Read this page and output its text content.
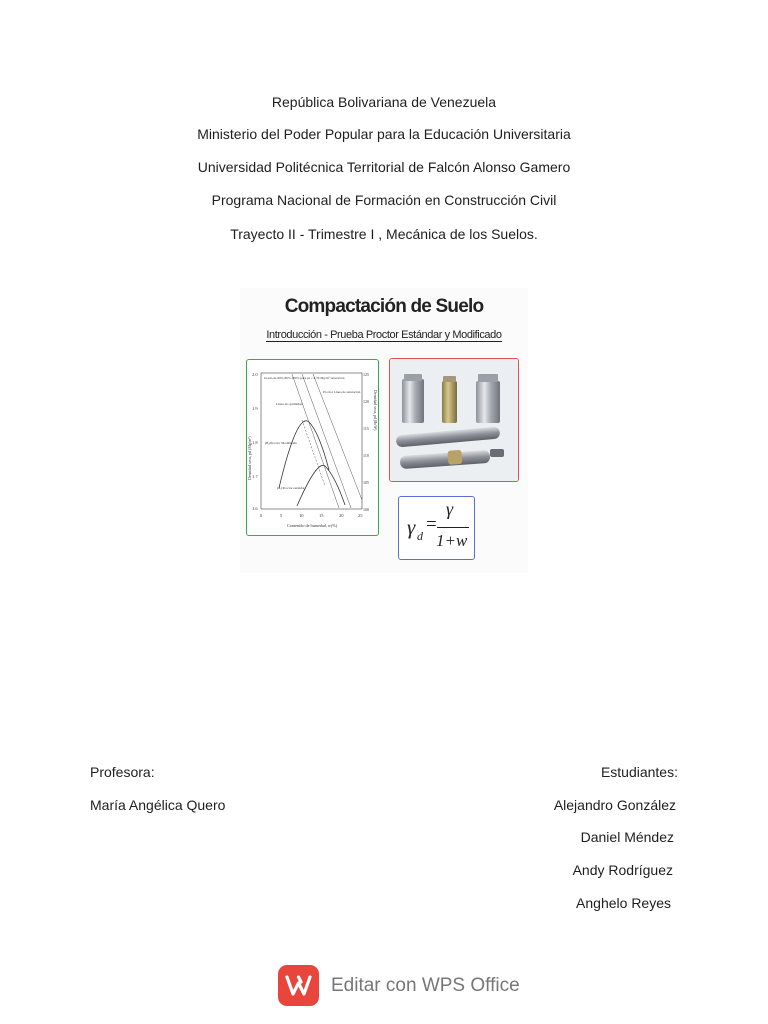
República Bolivariana de Venezuela
Ministerio del Poder Popular para la Educación Universitaria
Universidad Politécnica Territorial de Falcón Alonso Gamero
Programa Nacional de Formación en Construcción Civil
Trayecto II - Trimestre I , Mecánica de los Suelos.
Compactación de Suelo
Introducción - Prueba Proctor Estándar y Modificado
2.0
1.9
1.8
1.7
1.6
125
120
115
110
105
100
0	5	10	15	20	25
Contenido de humedad, w(%)
Densidad seca, ρd (Mg/m³)
Densidad seca, ρd (lb/ft³)
Grado de 60% 80% 100% para ρs = 2.70 Mg/m³ saturación
Línea de optimidad
Proctor Línea de saturación
(B) Proctor Modificado
(A) Proctor estándar
γ d
=
γ
1+w
Profesora:
María Angélica Quero
Estudiantes:
Alejandro González
Daniel Méndez
Andy Rodríguez
Anghelo Reyes
Editar con WPS Office
